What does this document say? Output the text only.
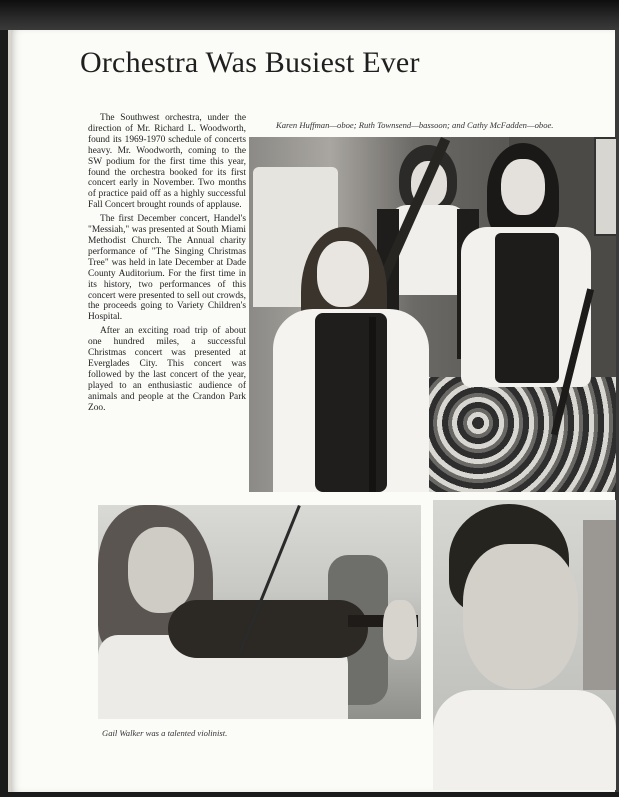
Orchestra Was Busiest Ever
Karen Huffman—oboe; Ruth Townsend—bassoon; and Cathy McFadden—oboe.

The Southwest orchestra, under the direction of Mr. Richard L. Woodworth, found its 1969-1970 schedule of concerts heavy. Mr. Woodworth, coming to the SW podium for the first time this year, found the orchestra booked for its first concert early in November. Two months of practice paid off as a highly successful Fall Concert brought rounds of applause.

The first December concert, Handel's "Messiah," was presented at South Miami Methodist Church. The Annual charity performance of "The Singing Christmas Tree" was held in late December at Dade County Auditorium. For the first time in its history, two performances of this concert were presented to sell out crowds, the proceeds going to Variety Children's Hospital.

After an exciting road trip of about one hundred miles, a successful Christmas concert was presented at Everglades City. This concert was followed by the last concert of the year, played to an enthusiastic audience of animals and people at the Crandon Park Zoo.

Gail Walker was a talented violinist.
